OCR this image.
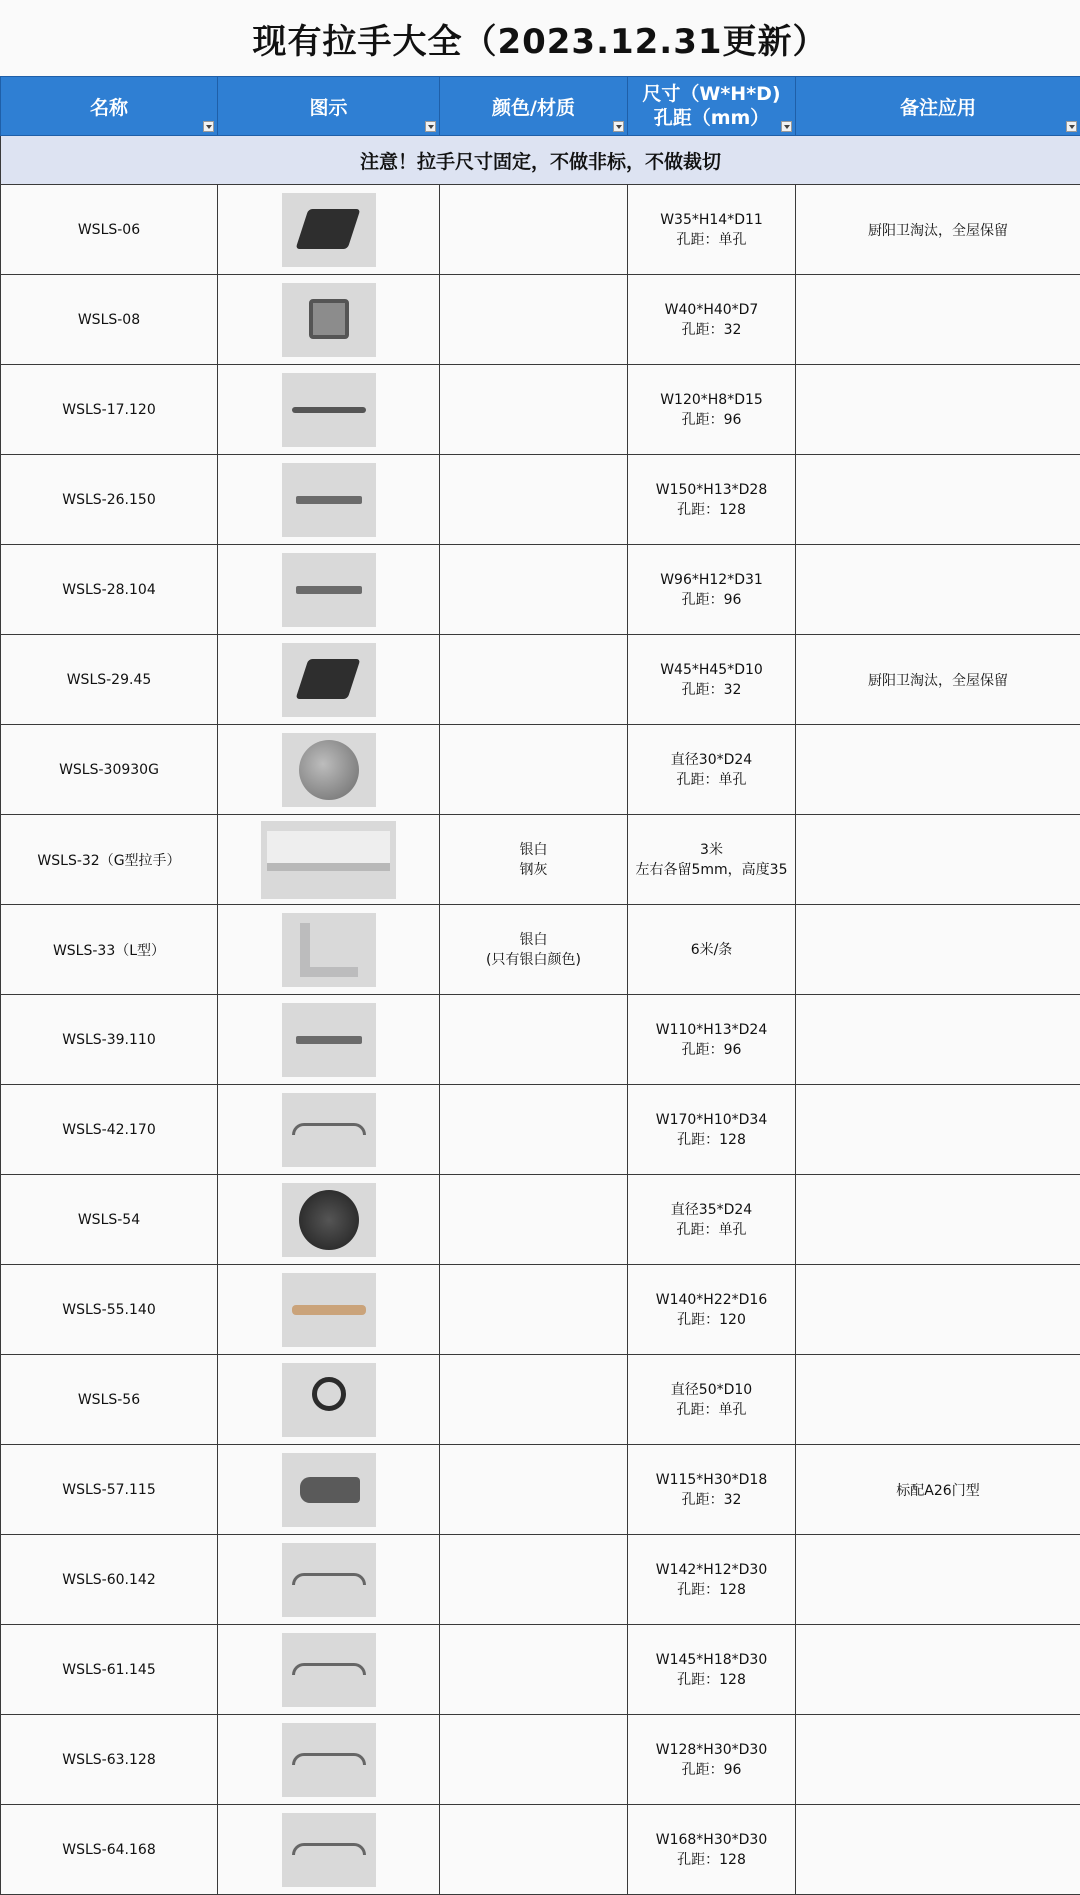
现有拉手大全（2023.12.31更新）
名称	图示	颜色/材质	尺寸（W*H*D)
孔距（mm）	备注应用

注意！拉手尺寸固定，不做非标，不做裁切				
WSLS-06			W35*H14*D11
孔距：单孔	厨阳卫淘汰，全屋保留
WSLS-08			W40*H40*D7
孔距：32	

WSLS-17.120			W120*H8*D15
孔距：96	

WSLS-26.150			W150*H13*D28
孔距：128	

WSLS-28.104			W96*H12*D31
孔距：96	

WSLS-29.45			W45*H45*D10
孔距：32	厨阳卫淘汰，全屋保留
WSLS-30930G			直径30*D24
孔距：单孔	

WSLS-32（G型拉手）		银白
钢灰	3米
左右各留5mm，高度35	

WSLS-33（L型）		银白
(只有银白颜色)	6米/条	

WSLS-39.110			W110*H13*D24
孔距：96	

WSLS-42.170			W170*H10*D34
孔距：128	

WSLS-54			直径35*D24
孔距：单孔	

WSLS-55.140			W140*H22*D16
孔距：120	

WSLS-56			直径50*D10
孔距：单孔	

WSLS-57.115			W115*H30*D18
孔距：32	标配A26门型
WSLS-60.142			W142*H12*D30
孔距：128	

WSLS-61.145			W145*H18*D30
孔距：128	

WSLS-63.128			W128*H30*D30
孔距：96	

WSLS-64.168			W168*H30*D30
孔距：128	
